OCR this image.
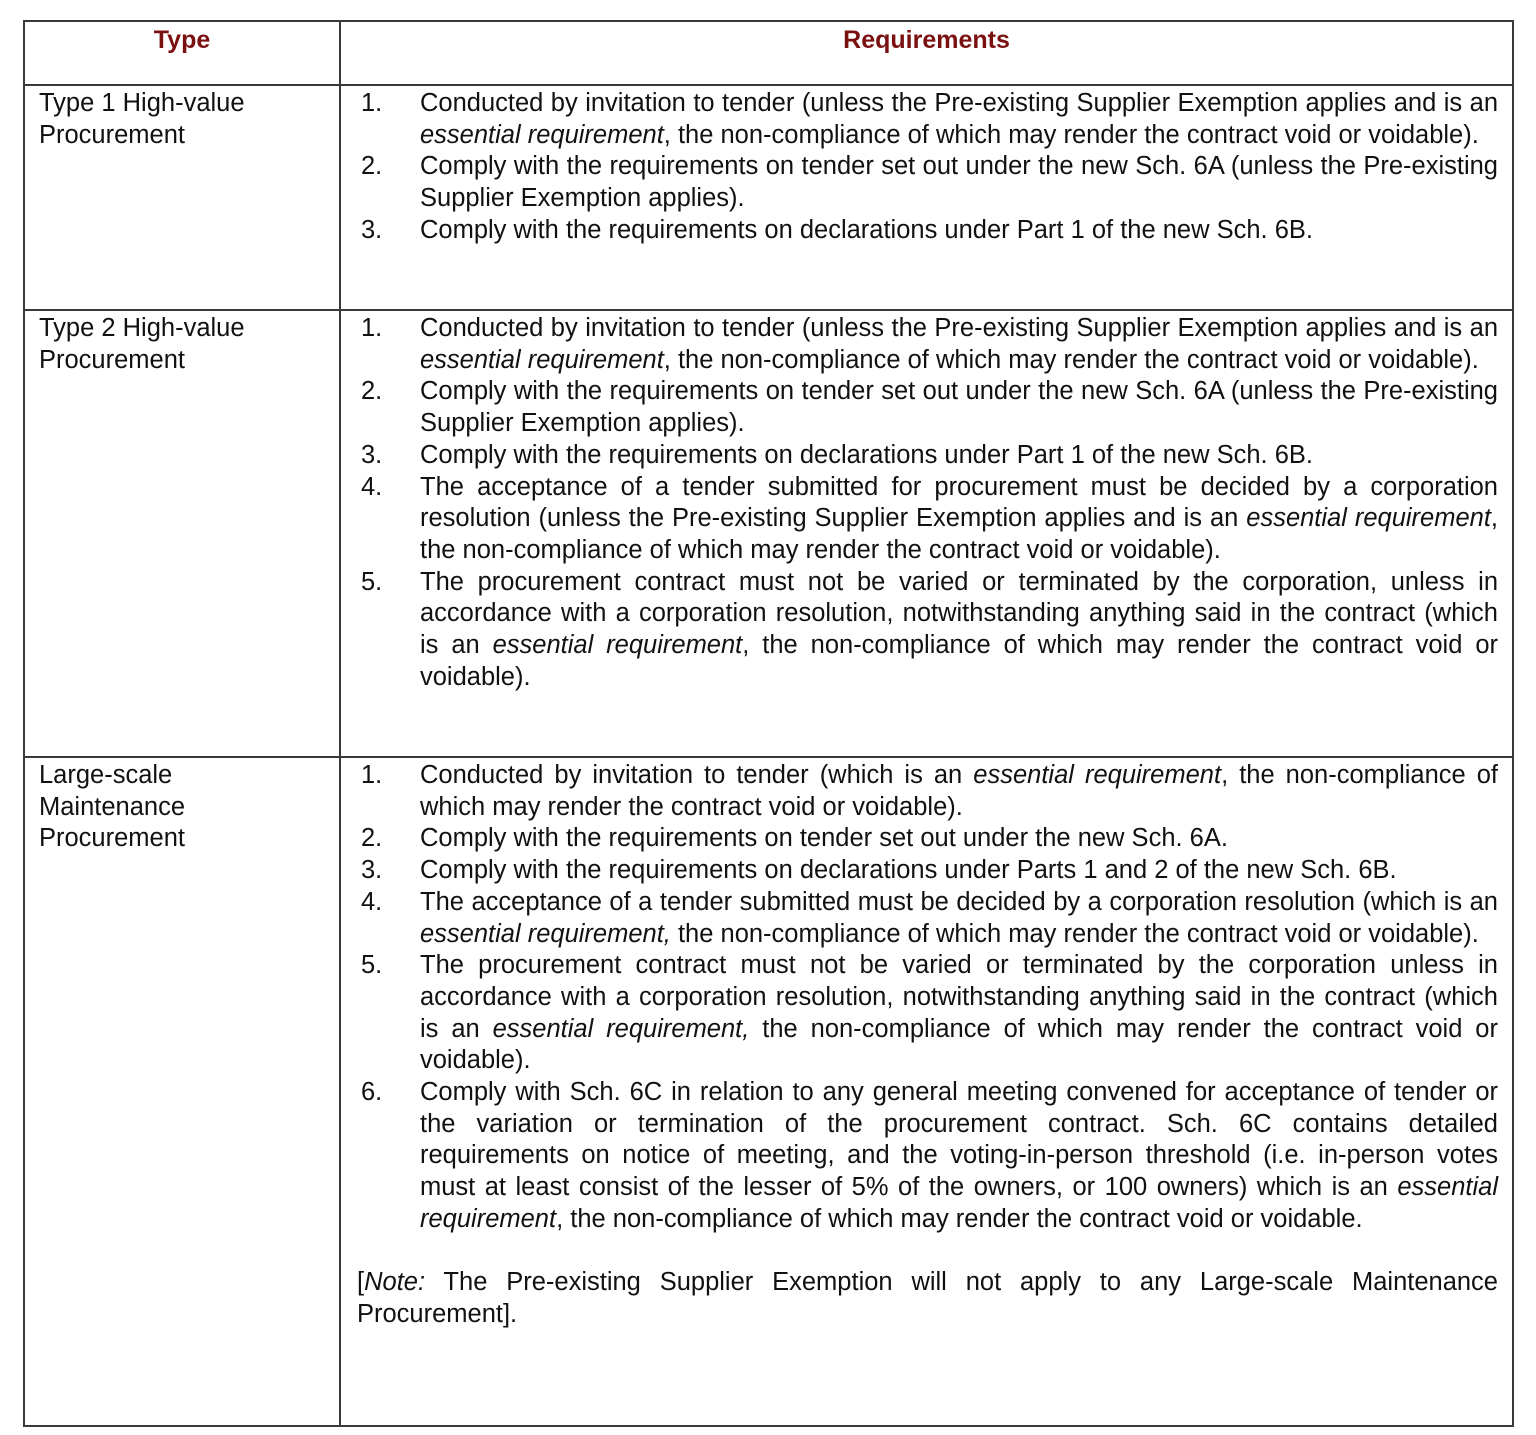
Type	Requirements
Type 1 High-value Procurement	
1. Conducted by invitation to tender (unless the Pre-existing Supplier Exemption applies and is an essential requirement, the non-compliance of which may render the contract void or voidable).
2. Comply with the requirements on tender set out under the new Sch. 6A (unless the Pre-existing Supplier Exemption applies).
3. Comply with the requirements on declarations under Part 1 of the new Sch. 6B.

Type 2 High-value Procurement	
1. Conducted by invitation to tender (unless the Pre-existing Supplier Exemption applies and is an essential requirement, the non-compliance of which may render the contract void or voidable).
2. Comply with the requirements on tender set out under the new Sch. 6A (unless the Pre-existing Supplier Exemption applies).
3. Comply with the requirements on declarations under Part 1 of the new Sch. 6B.
4. The acceptance of a tender submitted for procurement must be decided by a corporation resolution (unless the Pre-existing Supplier Exemption applies and is an essential requirement, the non-compliance of which may render the contract void or voidable).
5. The procurement contract must not be varied or terminated by the corporation, unless in accordance with a corporation resolution, notwithstanding anything said in the contract (which is an essential requirement, the non-compliance of which may render the contract void or voidable).

Large-scale Maintenance Procurement	
1. Conducted by invitation to tender (which is an essential requirement, the non-compliance of which may render the contract void or voidable).
2. Comply with the requirements on tender set out under the new Sch. 6A.
3. Comply with the requirements on declarations under Parts 1 and 2 of the new Sch. 6B.
4. The acceptance of a tender submitted must be decided by a corporation resolution (which is an essential requirement, the non-compliance of which may render the contract void or voidable).
5. The procurement contract must not be varied or terminated by the corporation unless in accordance with a corporation resolution, notwithstanding anything said in the contract (which is an essential requirement, the non-compliance of which may render the contract void or voidable).
6. Comply with Sch. 6C in relation to any general meeting convened for acceptance of tender or the variation or termination of the procurement contract. Sch. 6C contains detailed requirements on notice of meeting, and the voting-in-person threshold (i.e. in-person votes must at least consist of the lesser of 5% of the owners, or 100 owners) which is an essential requirement, the non-compliance of which may render the contract void or voidable.
[Note: The Pre-existing Supplier Exemption will not apply to any Large-scale Maintenance Procurement].
